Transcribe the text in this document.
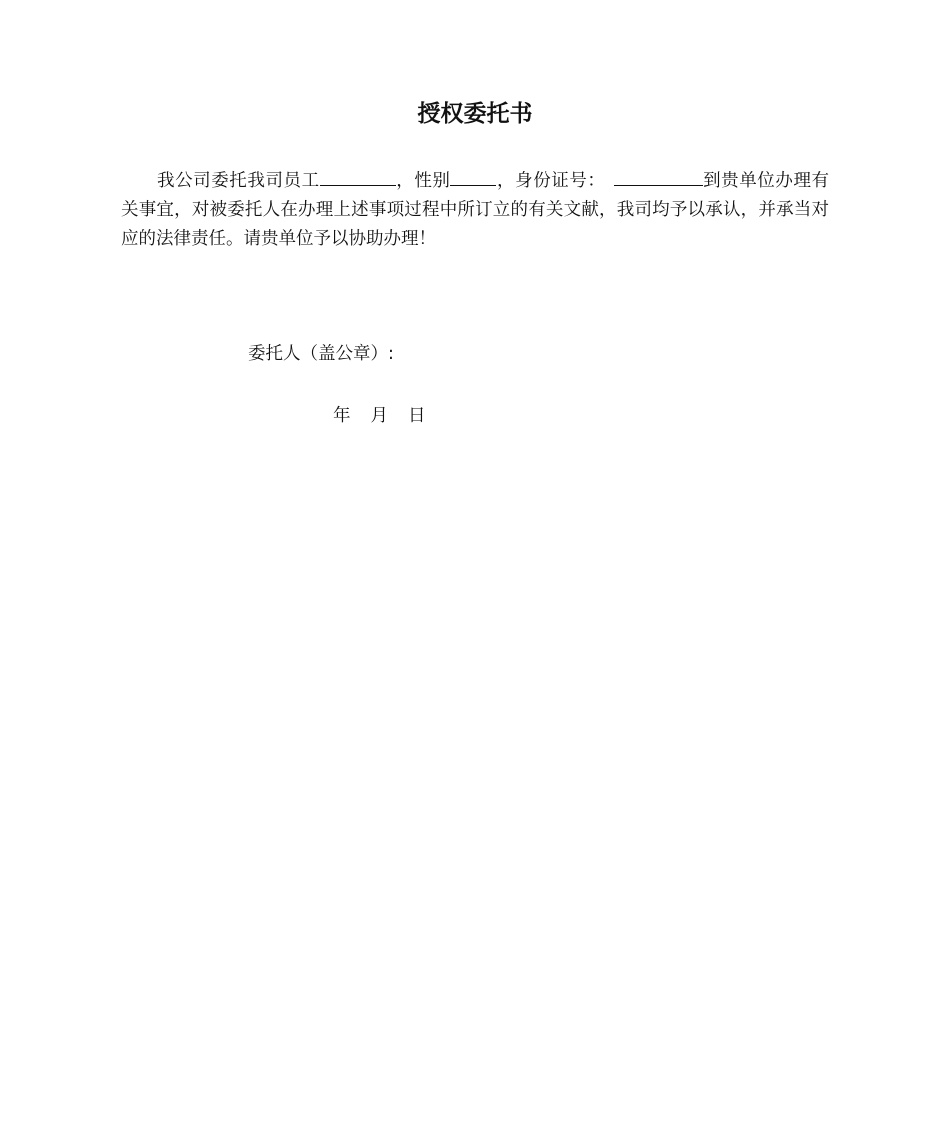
授权委托书
我公司委托我司员工	，性别	，身份证号：	到贵单位办理有关事宜，对被委托人在办理上述事项过程中所订立的有关文献，我司均予以承认，并承当对应的法律责任。请贵单位予以协助办理！
委托人（盖公章）:
年 月 日
